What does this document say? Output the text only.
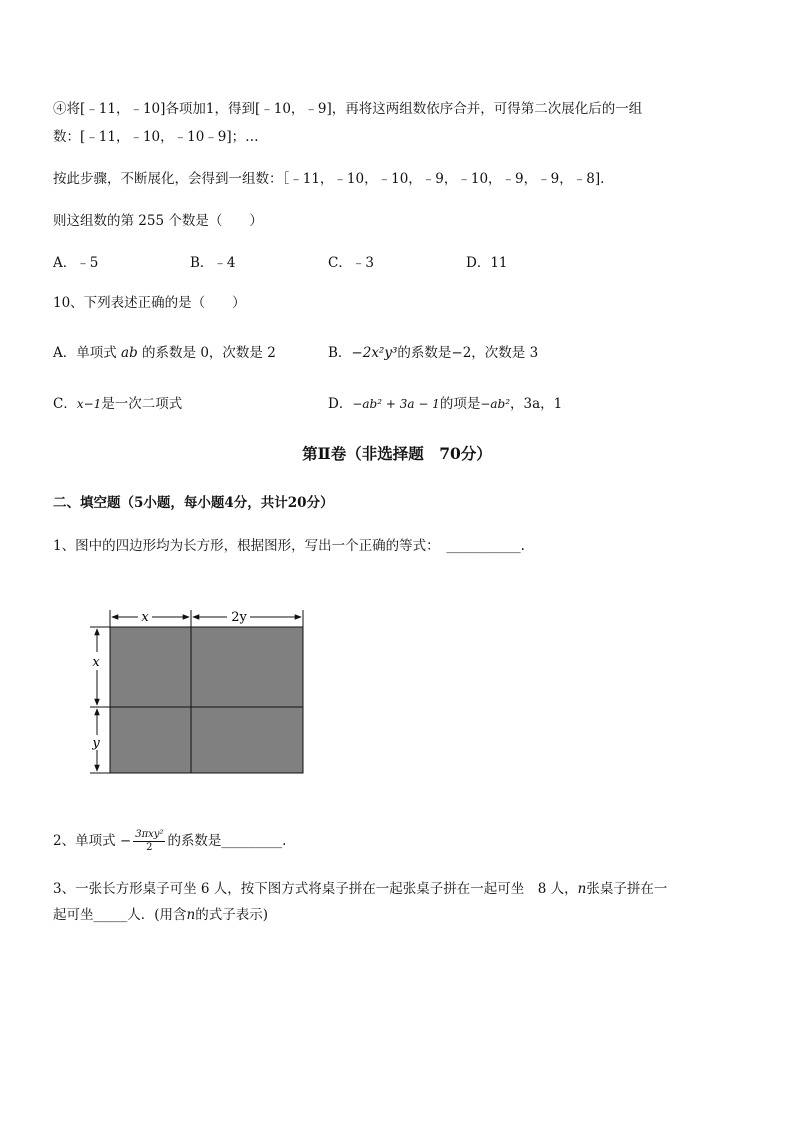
④将[﹣11，﹣10]各项加1，得到[﹣10，﹣9]，再将这两组数依序合并，可得第二次展化后的一组
数：[﹣11，﹣10，﹣10﹣9]；…
按此步骤，不断展化，会得到一组数：［﹣11，﹣10，﹣10，﹣9，﹣10，﹣9，﹣9，﹣8].
则这组数的第 255 个数是（　　）
A．﹣5	B．﹣4	C．﹣3	D．11
10、下列表述正确的是（　　）
A．单项式 ab 的系数是 0，次数是 2	B．−2x²y³的系数是−2，次数是 3
C．x−1是一次二项式	D．−ab² + 3a − 1的项是−ab²，3a，1
第Ⅱ卷（非选择题　70分）
二、填空题（5小题，每小题4分，共计20分）
1、图中的四边形均为长方形，根据图形，写出一个正确的等式：　___________.
x	2y
x
y
2、单项式 − $\frac{\text{3πxy²}}{2}$ 的系数是_________.
3、一张长方形桌子可坐 6 人，按下图方式将桌子拼在一起张桌子拼在一起可坐　8 人，n张桌子拼在一
起可坐_____人．(用含n的式子表示)
